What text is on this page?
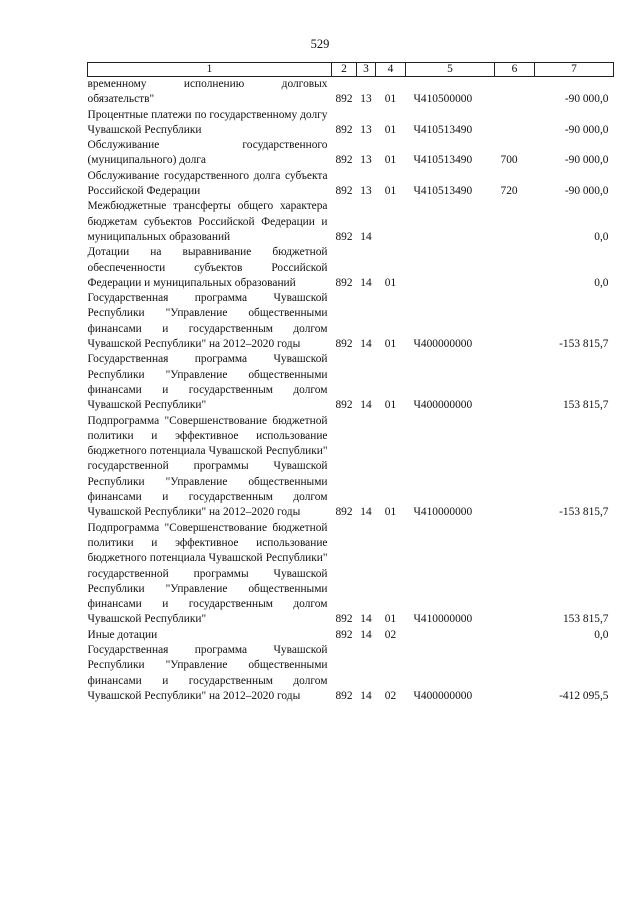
529
1	2	3	4	5	6	7
временному исполнению долговых обязательств"	892	13	01	Ч410500000		-90 000,0
Процентные платежи по государственному долгу Чувашской Республики	892	13	01	Ч410513490		-90 000,0
Обслуживание государственного (муниципального) долга	892	13	01	Ч410513490	700	-90 000,0
Обслуживание государственного долга субъекта Российской Федерации	892	13	01	Ч410513490	720	-90 000,0
Межбюджетные трансферты общего характера бюджетам субъектов Российской Федерации и муниципальных образований	892	14				0,0
Дотации на выравнивание бюджетной обеспеченности субъектов Российской Федерации и муниципальных образований	892	14	01			0,0
Государственная программа Чувашской Республики "Управление общественными финансами и государственным долгом Чувашской Республики" на 2012–2020 годы	892	14	01	Ч400000000		-153 815,7
Государственная программа Чувашской Республики "Управление общественными финансами и государственным долгом Чувашской Республики"	892	14	01	Ч400000000		153 815,7
Подпрограмма "Совершенствование бюджетной политики и эффективное использование бюджетного потенциала Чувашской Республики" государственной программы Чувашской Республики "Управление общественными финансами и государственным долгом Чувашской Республики" на 2012–2020 годы	892	14	01	Ч410000000		-153 815,7
Подпрограмма "Совершенствование бюджетной политики и эффективное использование бюджетного потенциала Чувашской Республики" государственной программы Чувашской Республики "Управление общественными финансами и государственным долгом Чувашской Республики"	892	14	01	Ч410000000		153 815,7
Иные дотации	892	14	02			0,0
Государственная программа Чувашской Республики "Управление общественными финансами и государственным долгом Чувашской Республики" на 2012–2020 годы	892	14	02	Ч400000000		-412 095,5
